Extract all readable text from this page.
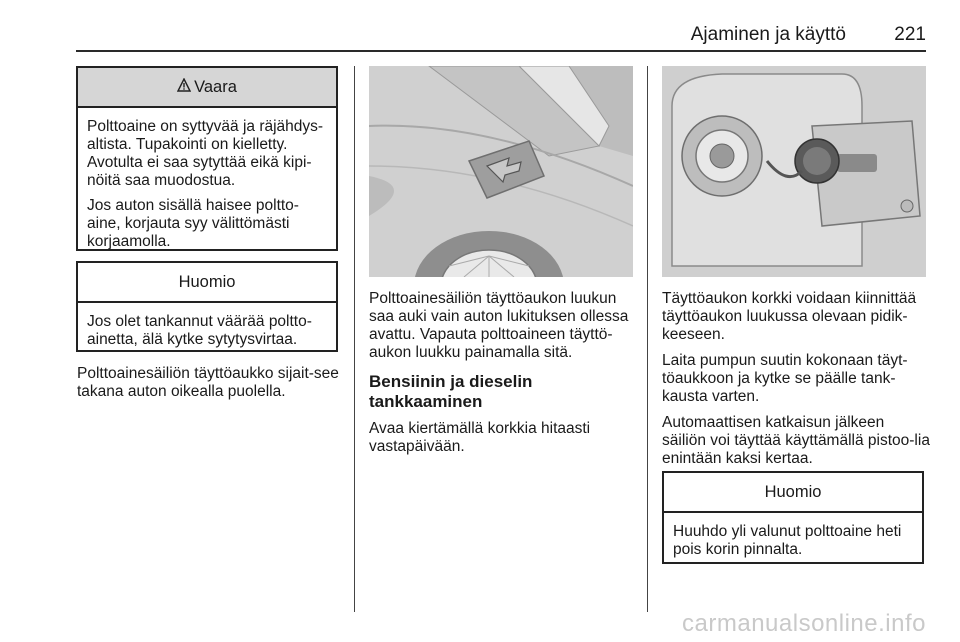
Ajaminen ja käyttö	221
Vaara

Polttoaine on syttyvää ja räjähdys-altista. Tupakointi on kielletty. Avotulta ei saa sytyttää eikä kipi-nöitä saa muodostua.

Jos auton sisällä haisee poltto-aine, korjauta syy välittömästi korjaamolla.

Huomio

Jos olet tankannut väärää poltto-ainetta, älä kytke sytytysvirtaa.

Polttoainesäiliön täyttöaukko sijait-see takana auton oikealla puolella.

Polttoainesäiliön täyttöaukon luukun saa auki vain auton lukituksen ollessa avattu. Vapauta polttoaineen täyttö-aukon luukku painamalla sitä.

Bensiinin ja dieselin
tankkaaminen

Avaa kiertämällä korkkia hitaasti vastapäivään.

Täyttöaukon korkki voidaan kiinnittää täyttöaukon luukussa olevaan pidik-keeseen.

Laita pumpun suutin kokonaan täyt-töaukkoon ja kytke se päälle tank-kausta varten.

Automaattisen katkaisun jälkeen säiliön voi täyttää käyttämällä pistoo-lia enintään kaksi kertaa.

Huomio

Huuhdo yli valunut polttoaine heti pois korin pinnalta.

carmanualsonline.info
